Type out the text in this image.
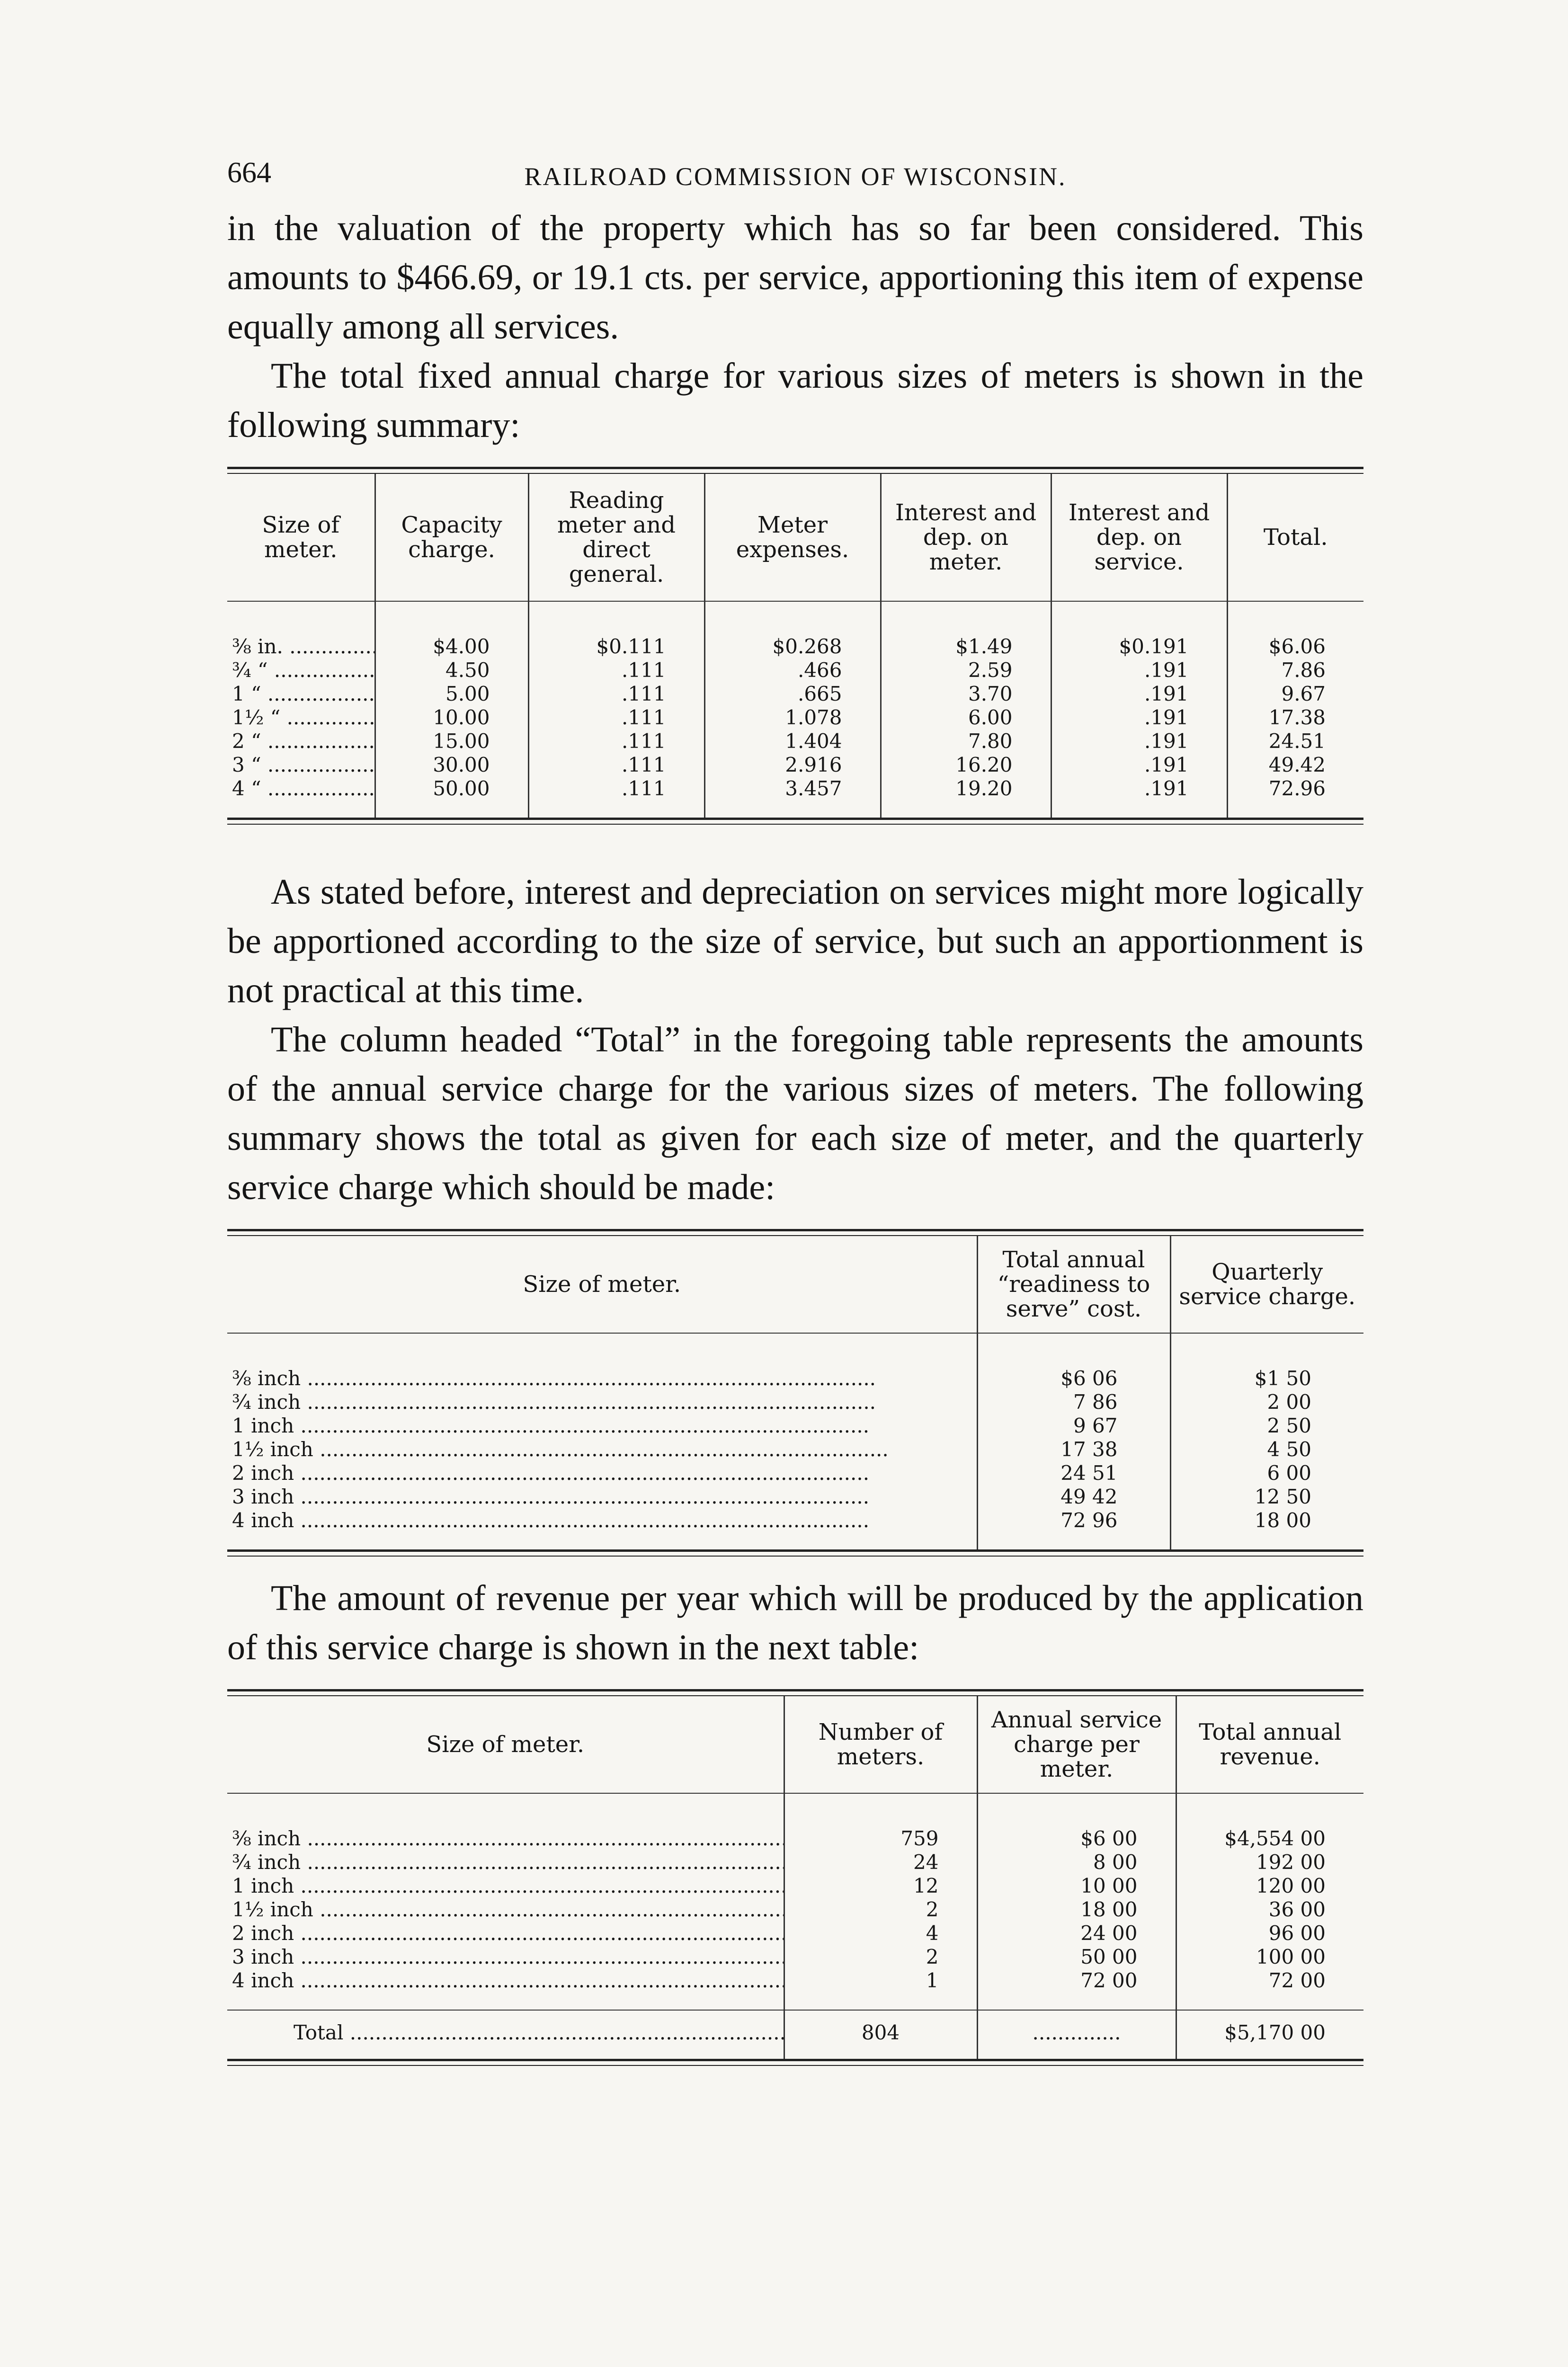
664	RAILROAD COMMISSION OF WISCONSIN.

in the valuation of the property which has so far been considered. This amounts to $466.69, or 19.1 cts. per service, apportioning this item of expense equally among all services.

The total fixed annual charge for various sizes of meters is shown in the following summary:

Size of meter.	Capacity charge.	Reading meter and direct general.	Meter expenses.	Interest and dep. on meter.	Interest and dep. on service.	Total.
⅜ in. .....	$4.00	$0.111	$0.268	$1.49	$0.191	$6.06
¾ “ .....	4.50	.111	.466	2.59	.191	7.86
1 “ .....	5.00	.111	.665	3.70	.191	9.67
1½ “ .....	10.00	.111	1.078	6.00	.191	17.38
2 “ .....	15.00	.111	1.404	7.80	.191	24.51
3 “ .....	30.00	.111	2.916	16.20	.191	49.42
4 “ .....	50.00	.111	3.457	19.20	.191	72.96

As stated before, interest and depreciation on services might more logically be apportioned according to the size of service, but such an apportionment is not practical at this time.

The column headed “Total” in the foregoing table represents the amounts of the annual service charge for the various sizes of meters. The following summary shows the total as given for each size of meter, and the quarterly service charge which should be made:

Size of meter.	Total annual “readiness to serve” cost.	Quarterly service charge.
⅜ inch .....	$6 06	$1 50
¾ inch .....	7 86	2 00
1 inch .....	9 67	2 50
1½ inch .....	17 38	4 50
2 inch .....	24 51	6 00
3 inch .....	49 42	12 50
4 inch .....	72 96	18 00

The amount of revenue per year which will be produced by the application of this service charge is shown in the next table:

Size of meter.	Number of meters.	Annual service charge per meter.	Total annual revenue.
⅜ inch .....	759	$6 00	$4,554 00
¾ inch .....	24	8 00	192 00
1 inch .....	12	10 00	120 00
1½ inch .....	2	18 00	36 00
2 inch .....	4	24 00	96 00
3 inch .....	2	50 00	100 00
4 inch .....	1	72 00	72 00
Total .....	804	..............	$5,170 00
